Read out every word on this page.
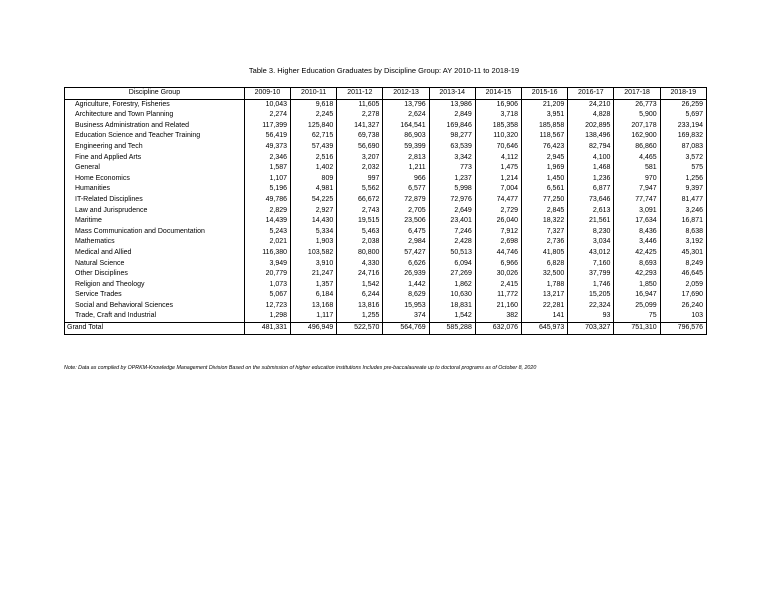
Table 3. Higher Education Graduates by Discipline Group: AY 2010-11 to 2018-19
Discipline Group	2009-10	2010-11	2011-12	2012-13	2013-14	2014-15	2015-16	2016-17	2017-18	2018-19
Agriculture, Forestry, Fisheries	10,043	9,618	11,605	13,796	13,986	16,906	21,209	24,210	26,773	26,259
Architecture and Town Planning	2,274	2,245	2,278	2,624	2,849	3,718	3,951	4,828	5,900	5,697
Business Administration and Related	117,399	125,840	141,327	164,541	169,846	185,358	185,858	202,895	207,178	233,194
Education Science and Teacher Training	56,419	62,715	69,738	86,903	98,277	110,320	118,567	138,496	162,900	169,832
Engineering and Tech	49,373	57,439	56,690	59,399	63,539	70,646	76,423	82,794	86,860	87,083
Fine and Applied Arts	2,346	2,516	3,207	2,813	3,342	4,112	2,945	4,100	4,465	3,572
General	1,587	1,402	2,032	1,211	773	1,475	1,969	1,468	581	575
Home Economics	1,107	809	997	966	1,237	1,214	1,450	1,236	970	1,256
Humanities	5,196	4,981	5,562	6,577	5,998	7,004	6,561	6,877	7,947	9,397
IT-Related Disciplines	49,786	54,225	66,672	72,879	72,976	74,477	77,250	73,646	77,747	81,477
Law and Jurisprudence	2,829	2,927	2,743	2,705	2,649	2,729	2,845	2,613	3,091	3,246
Maritime	14,439	14,430	19,515	23,506	23,401	26,040	18,322	21,561	17,634	16,871
Mass Communication and Documentation	5,243	5,334	5,463	6,475	7,246	7,912	7,327	8,230	8,436	8,638
Mathematics	2,021	1,903	2,038	2,984	2,428	2,698	2,736	3,034	3,446	3,192
Medical and Allied	116,380	103,582	80,800	57,427	50,513	44,746	41,805	43,012	42,425	45,301
Natural Science	3,949	3,910	4,330	6,626	6,094	6,966	6,828	7,160	8,693	8,249
Other Disciplines	20,779	21,247	24,716	26,939	27,269	30,026	32,500	37,799	42,293	46,645
Religion and Theology	1,073	1,357	1,542	1,442	1,862	2,415	1,788	1,746	1,850	2,059
Service Trades	5,067	6,184	6,244	8,629	10,630	11,772	13,217	15,205	16,947	17,690
Social and Behavioral Sciences	12,723	13,168	13,816	15,953	18,831	21,160	22,281	22,324	25,099	26,240
Trade, Craft and Industrial	1,298	1,117	1,255	374	1,542	382	141	93	75	103
Grand Total	481,331	496,949	522,570	564,769	585,288	632,076	645,973	703,327	751,310	796,576
Note: Data as compiled by OPRKM-Knowledge Management Division Based on the submission of higher education institutions Includes pre-baccalaureate up to doctoral programs as of October 8, 2020
